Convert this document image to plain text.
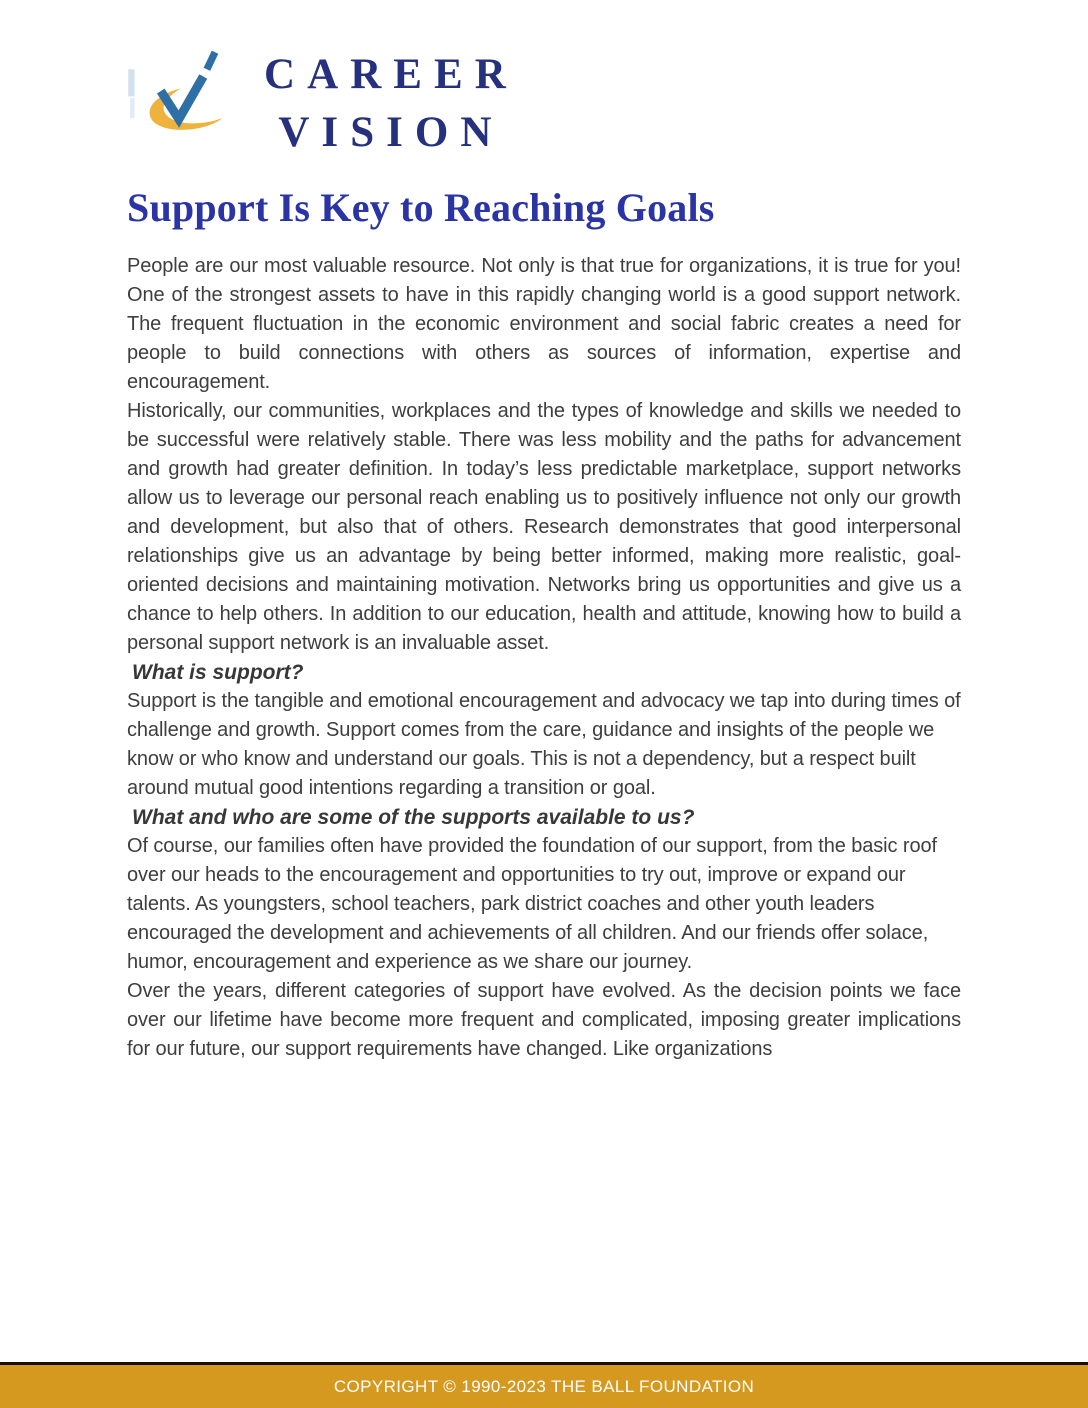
CAREER
VISION
Support Is Key to Reaching Goals

People are our most valuable resource. Not only is that true for organizations, it is true for you! One of the strongest assets to have in this rapidly changing world is a good support network. The frequent fluctuation in the economic environment and social fabric creates a need for people to build connections with others as sources of information, expertise and encouragement.

Historically, our communities, workplaces and the types of knowledge and skills we needed to be successful were relatively stable. There was less mobility and the paths for advancement and growth had greater definition. In today’s less predictable marketplace, support networks allow us to leverage our personal reach enabling us to positively influence not only our growth and development, but also that of others. Research demonstrates that good interpersonal relationships give us an advantage by being better informed, making more realistic, goal-oriented decisions and maintaining motivation. Networks bring us opportunities and give us a chance to help others. In addition to our education, health and attitude, knowing how to build a personal support network is an invaluable asset.

What is support?

Support is the tangible and emotional encouragement and advocacy we tap into during times of challenge and growth. Support comes from the care, guidance and insights of the people we know or who know and understand our goals. This is not a dependency, but a respect built around mutual good intentions regarding a transition or goal.

What and who are some of the supports available to us?

Of course, our families often have provided the foundation of our support, from the basic roof over our heads to the encouragement and opportunities to try out, improve or expand our talents. As youngsters, school teachers, park district coaches and other youth leaders encouraged the development and achievements of all children. And our friends offer solace, humor, encouragement and experience as we share our journey.

Over the years, different categories of support have evolved. As the decision points we face over our lifetime have become more frequent and complicated, imposing greater implications for our future, our support requirements have changed. Like organizations

COPYRIGHT © 1990-2023 THE BALL FOUNDATION
